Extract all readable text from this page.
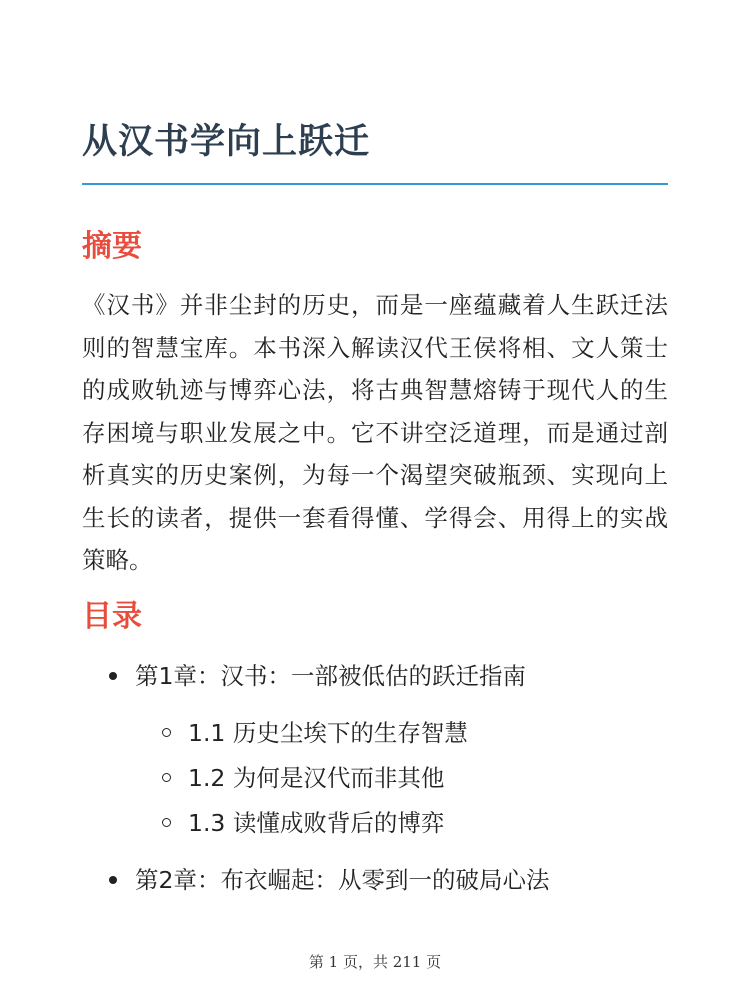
从汉书学向上跃迁
摘要

《汉书》并非尘封的历史，而是一座蕴藏着人生跃迁法则的智慧宝库。本书深入解读汉代王侯将相、文人策士的成败轨迹与博弈心法，将古典智慧熔铸于现代人的生存困境与职业发展之中。它不讲空泛道理，而是通过剖析真实的历史案例，为每一个渴望突破瓶颈、实现向上生长的读者，提供一套看得懂、学得会、用得上的实战策略。

目录
第1章：汉书：一部被低估的跃迁指南
1.1 历史尘埃下的生存智慧
1.2 为何是汉代而非其他
1.3 读懂成败背后的博弈
第2章：布衣崛起：从零到一的破局心法
第 1 页，共 211 页
